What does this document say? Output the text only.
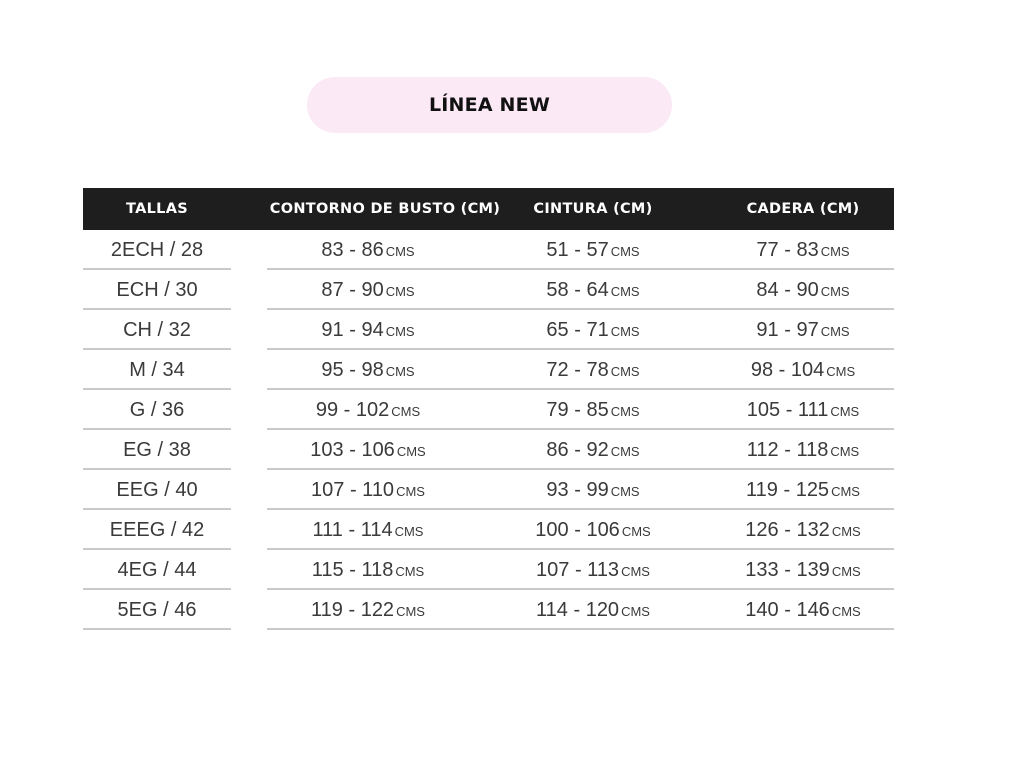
LÍNEA NEW
TALLAS	CONTORNO DE BUSTO (CM)	CINTURA (CM)	CADERA (CM)
2ECH / 28	83 - 86 CMS	51 - 57 CMS	77 - 83 CMS
ECH / 30	87 - 90 CMS	58 - 64 CMS	84 - 90 CMS
CH / 32	91 - 94 CMS	65 - 71 CMS	91 - 97 CMS
M / 34	95 - 98 CMS	72 - 78 CMS	98 - 104 CMS
G / 36	99 - 102 CMS	79 - 85 CMS	105 - 111 CMS
EG / 38	103 - 106 CMS	86 - 92 CMS	112 - 118 CMS
EEG / 40	107 - 110 CMS	93 - 99 CMS	119 - 125 CMS
EEEG / 42	111 - 114 CMS	100 - 106 CMS	126 - 132 CMS
4EG / 44	115 - 118 CMS	107 - 113 CMS	133 - 139 CMS
5EG / 46	119 - 122 CMS	114 - 120 CMS	140 - 146 CMS
